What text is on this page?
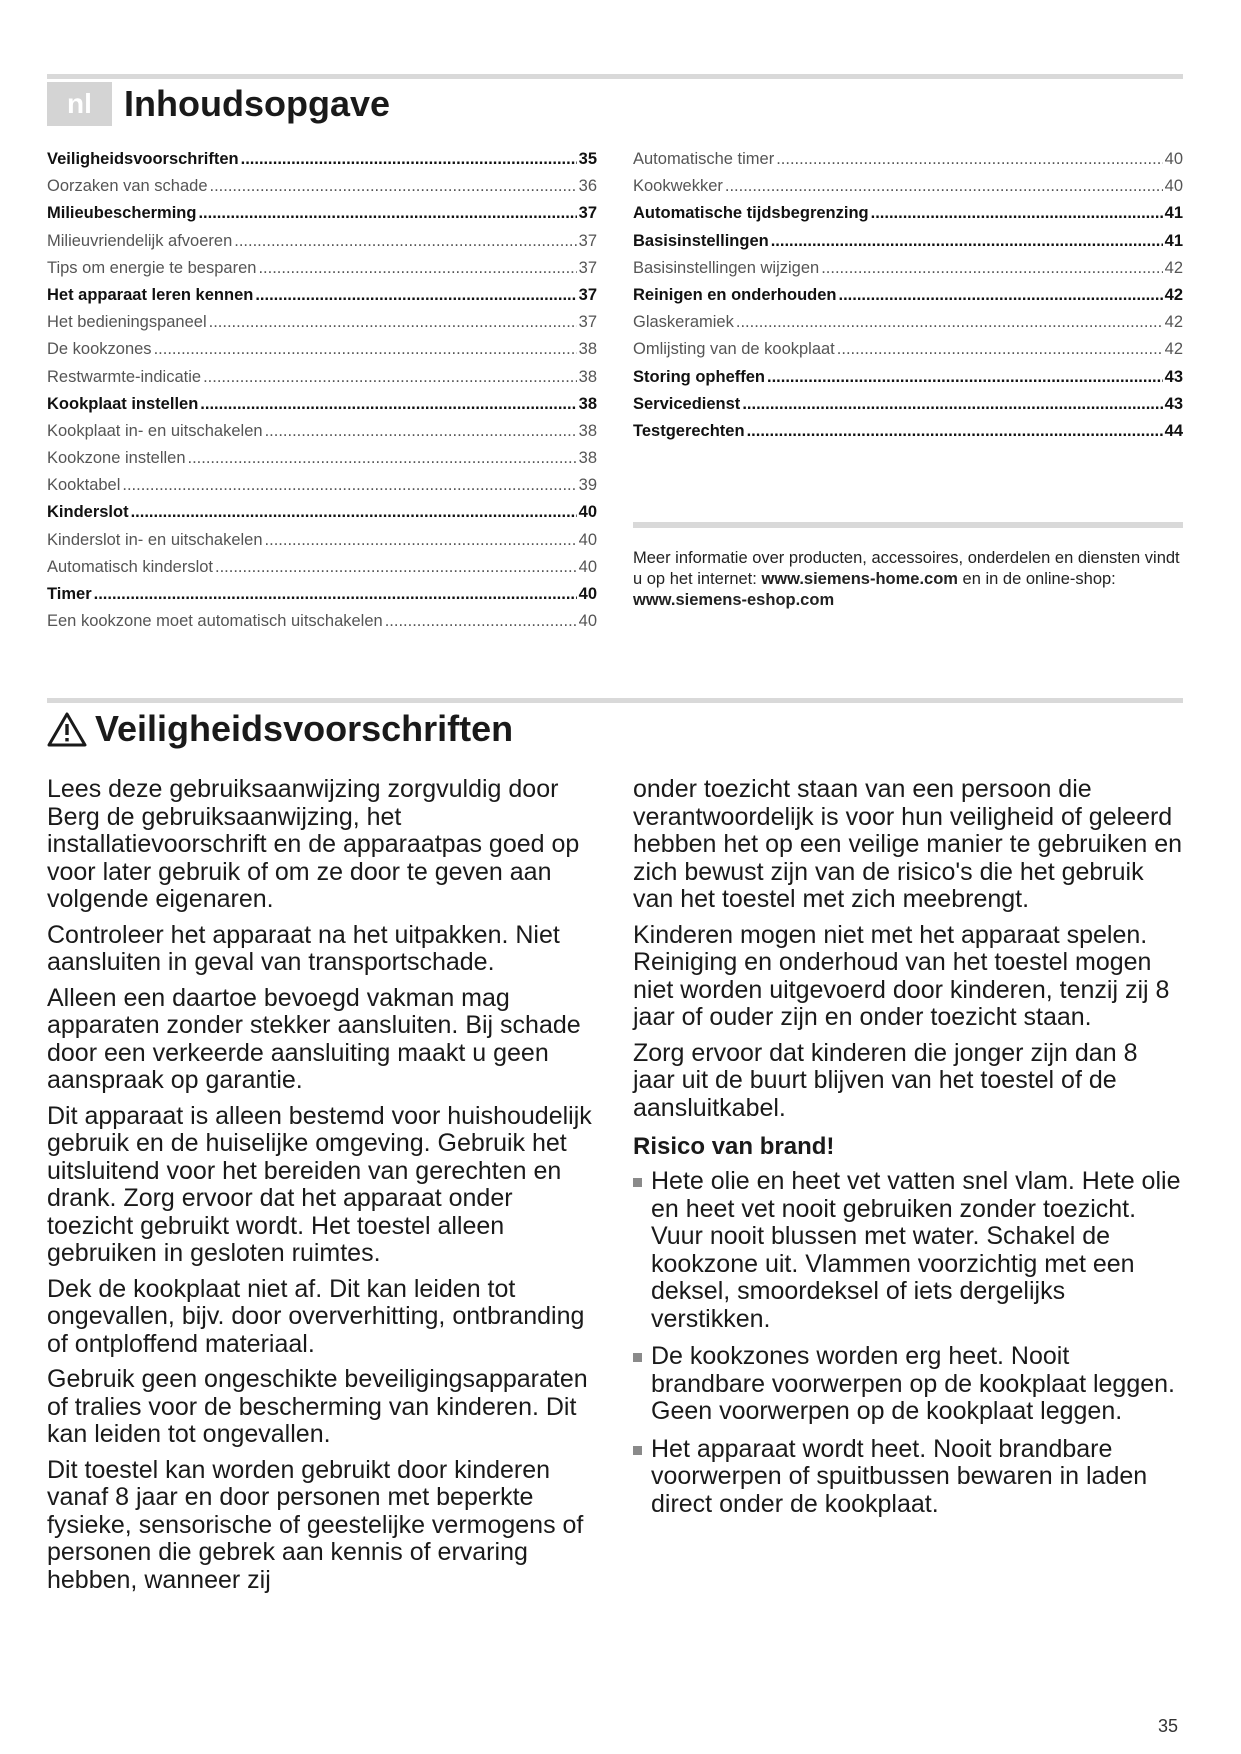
nl Inhoudsopgave
Veiligheidsvoorschriften .....	35
Oorzaken van schade .....	36
Milieubescherming .....	37
Milieuvriendelijk afvoeren .....	37
Tips om energie te besparen .....	37
Het apparaat leren kennen .....	37
Het bedieningspaneel .....	37
De kookzones .....	38
Restwarmte-indicatie .....	38
Kookplaat instellen .....	38
Kookplaat in- en uitschakelen .....	38
Kookzone instellen .....	38
Kooktabel .....	39
Kinderslot .....	40
Kinderslot in- en uitschakelen .....	40
Automatisch kinderslot .....	40
Timer .....	40
Een kookzone moet automatisch uitschakelen .....	40
Automatische timer .....	40
Kookwekker .....	40
Automatische tijdsbegrenzing .....	41
Basisinstellingen .....	41
Basisinstellingen wijzigen .....	42
Reinigen en onderhouden .....	42
Glaskeramiek .....	42
Omlijsting van de kookplaat .....	42
Storing opheffen .....	43
Servicedienst .....	43
Testgerechten .....	44
Meer informatie over producten, accessoires, onderdelen en diensten vindt u op het internet: www.siemens-home.com en in de online-shop: www.siemens-eshop.com
Veiligheidsvoorschriften

Lees deze gebruiksaanwijzing zorgvuldig door Berg de gebruiksaanwijzing, het installatievoorschrift en de apparaatpas goed op voor later gebruik of om ze door te geven aan volgende eigenaren.

Controleer het apparaat na het uitpakken. Niet aansluiten in geval van transportschade.

Alleen een daartoe bevoegd vakman mag apparaten zonder stekker aansluiten. Bij schade door een verkeerde aansluiting maakt u geen aanspraak op garantie.

Dit apparaat is alleen bestemd voor huishoudelijk gebruik en de huiselijke omgeving. Gebruik het uitsluitend voor het bereiden van gerechten en drank. Zorg ervoor dat het apparaat onder toezicht gebruikt wordt. Het toestel alleen gebruiken in gesloten ruimtes.

Dek de kookplaat niet af. Dit kan leiden tot ongevallen, bijv. door oververhitting, ontbranding of ontploffend materiaal.

Gebruik geen ongeschikte beveiligingsapparaten of tralies voor de bescherming van kinderen. Dit kan leiden tot ongevallen.

Dit toestel kan worden gebruikt door kinderen vanaf 8 jaar en door personen met beperkte fysieke, sensorische of geestelijke vermogens of personen die gebrek aan kennis of ervaring hebben, wanneer zij

onder toezicht staan van een persoon die verantwoordelijk is voor hun veiligheid of geleerd hebben het op een veilige manier te gebruiken en zich bewust zijn van de risico's die het gebruik van het toestel met zich meebrengt.

Kinderen mogen niet met het apparaat spelen. Reiniging en onderhoud van het toestel mogen niet worden uitgevoerd door kinderen, tenzij zij 8 jaar of ouder zijn en onder toezicht staan.

Zorg ervoor dat kinderen die jonger zijn dan 8 jaar uit de buurt blijven van het toestel of de aansluitkabel.

Risico van brand!
Hete olie en heet vet vatten snel vlam. Hete olie en heet vet nooit gebruiken zonder toezicht. Vuur nooit blussen met water. Schakel de kookzone uit. Vlammen voorzichtig met een deksel, smoordeksel of iets dergelijks verstikken.
De kookzones worden erg heet. Nooit brandbare voorwerpen op de kookplaat leggen. Geen voorwerpen op de kookplaat leggen.
Het apparaat wordt heet. Nooit brandbare voorwerpen of spuitbussen bewaren in laden direct onder de kookplaat.
35
